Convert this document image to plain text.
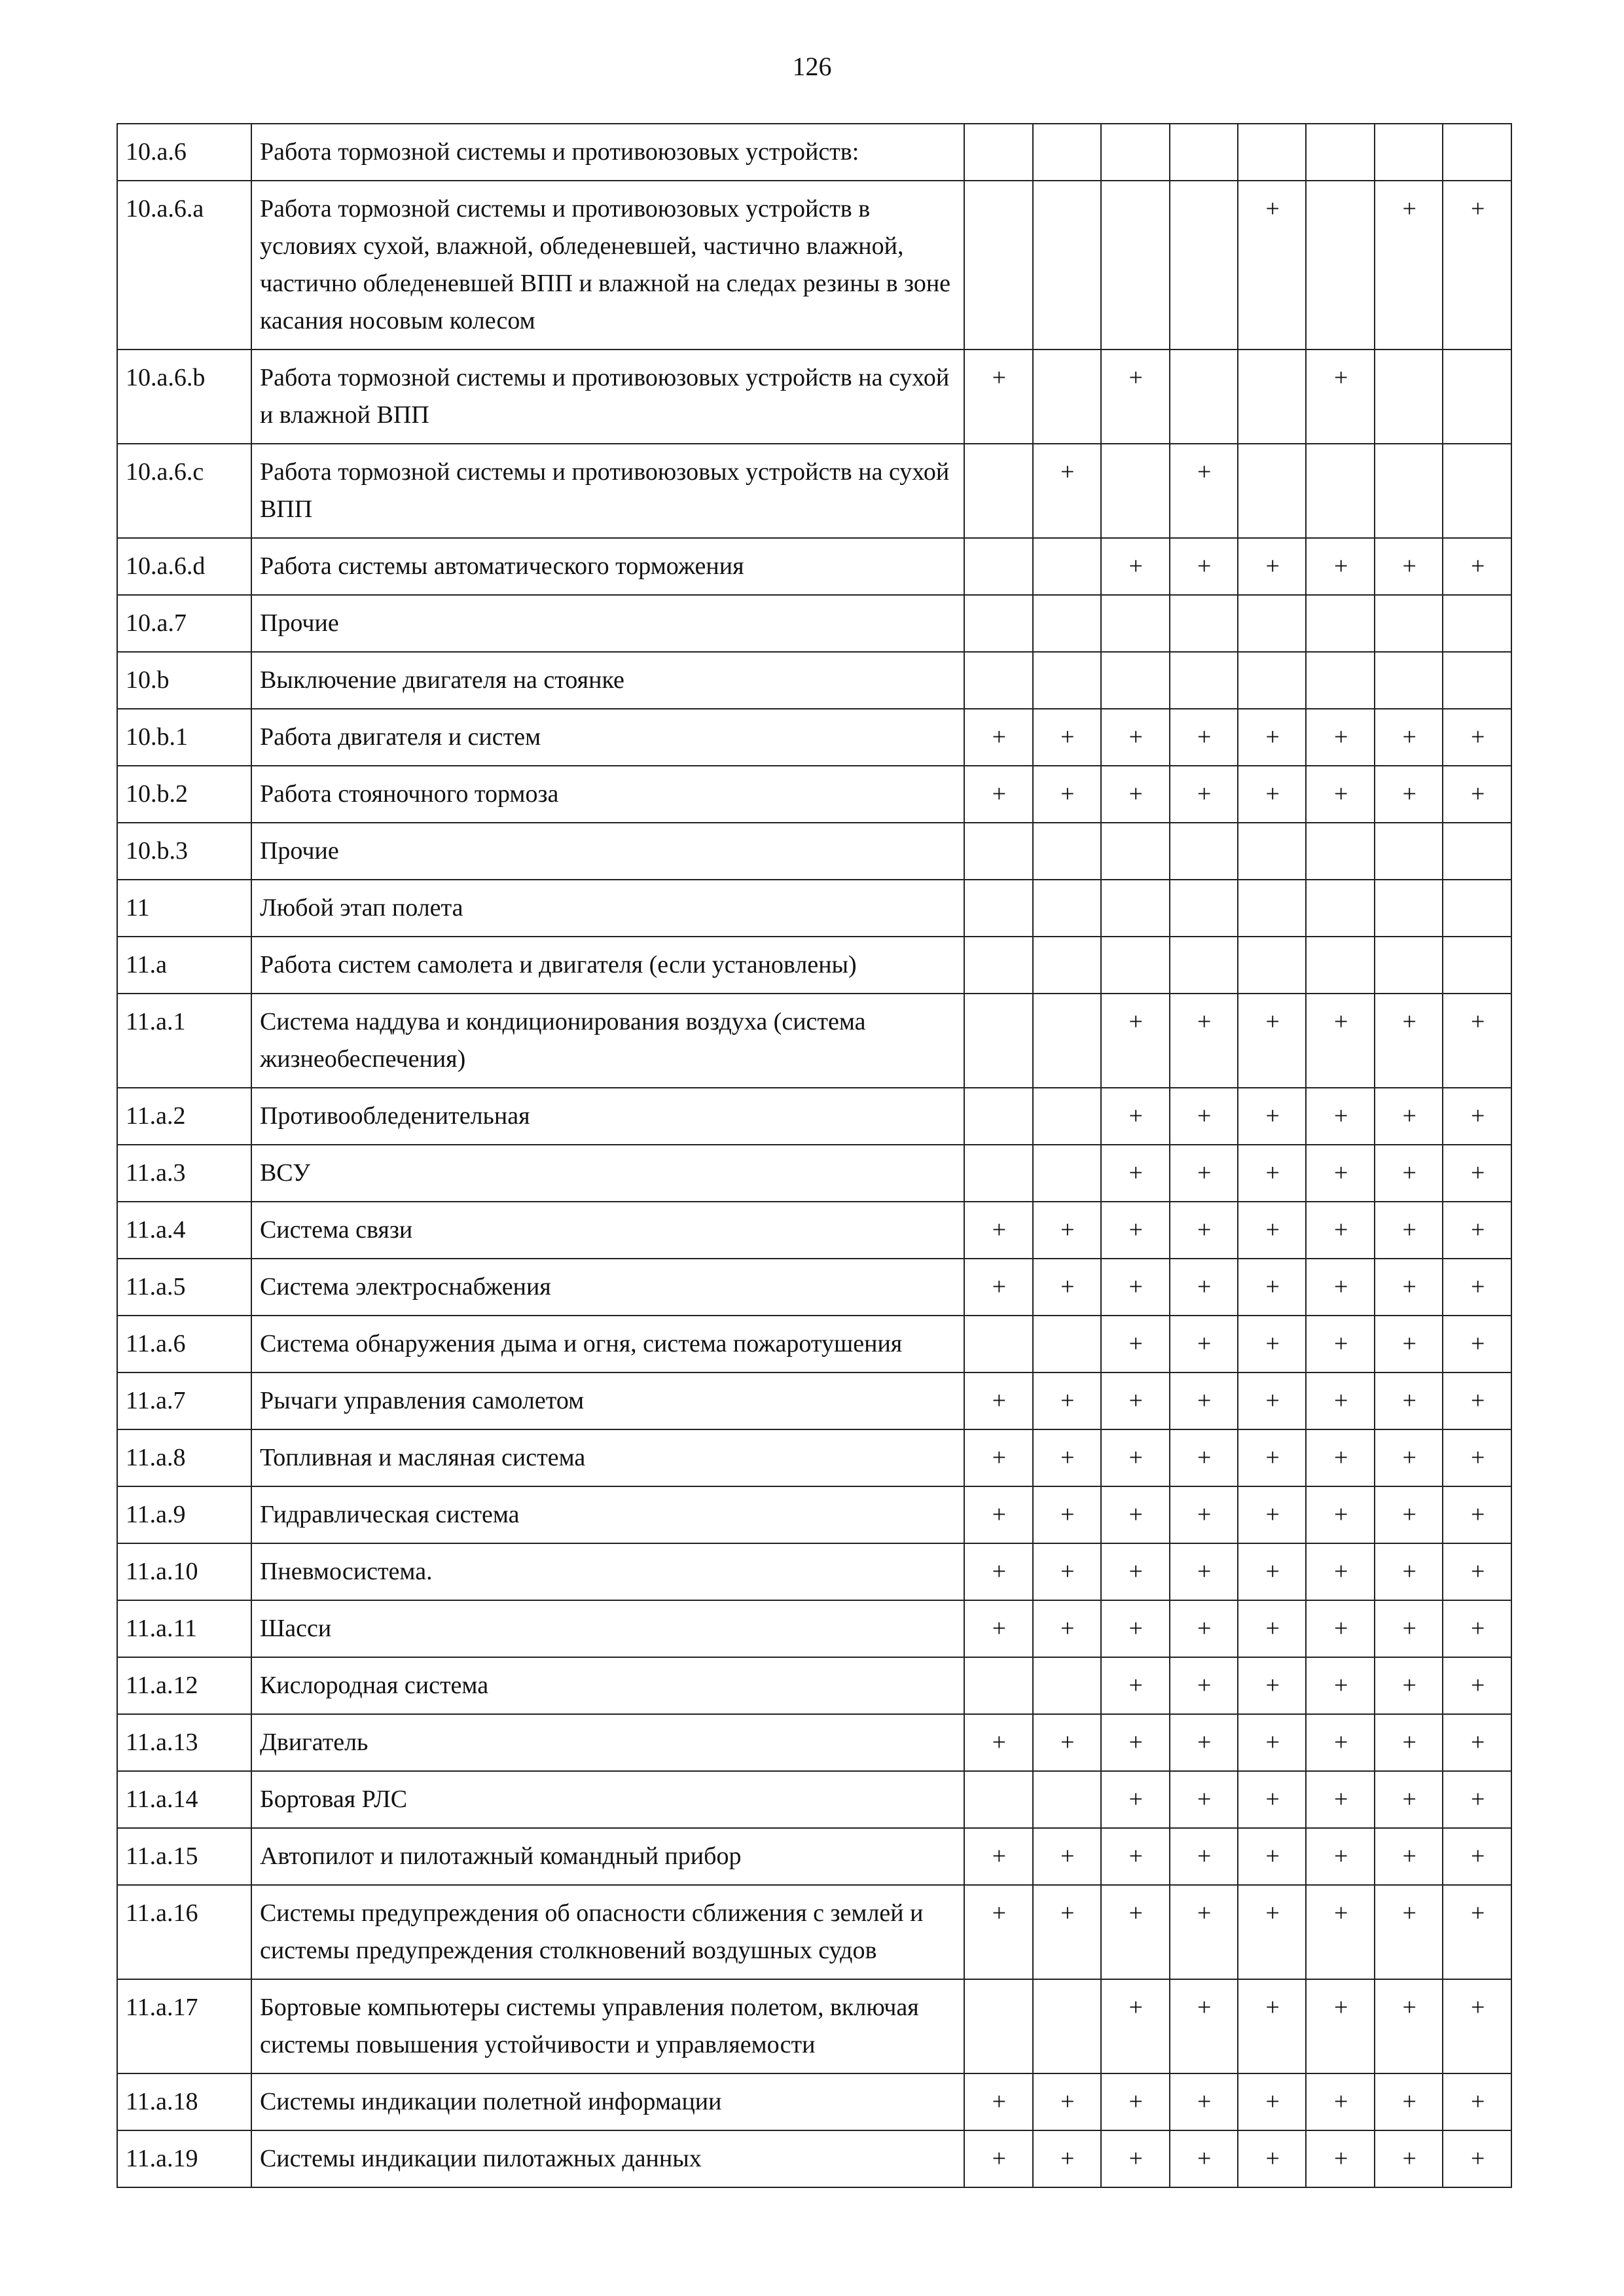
126
10.a.6	Работа тормозной системы и противоюзовых устройств:								
10.a.6.a	Работа тормозной системы и противоюзовых устройств в условиях сухой, влажной, обледеневшей, частично влажной, частично обледеневшей ВПП и влажной на следах резины в зоне касания носовым колесом					+		+	+
10.a.6.b	Работа тормозной системы и противоюзовых устройств на сухой и влажной ВПП	+		+			+		
10.a.6.c	Работа тормозной системы и противоюзовых устройств на сухой ВПП		+		+				
10.a.6.d	Работа системы автоматического торможения			+	+	+	+	+	+
10.a.7	Прочие								
10.b	Выключение двигателя на стоянке								
10.b.1	Работа двигателя и систем	+	+	+	+	+	+	+	+
10.b.2	Работа стояночного тормоза	+	+	+	+	+	+	+	+
10.b.3	Прочие								
11	Любой этап полета								
11.a	Работа систем самолета и двигателя (если установлены)								
11.a.1	Система наддува и кондиционирования воздуха (система жизнеобеспечения)			+	+	+	+	+	+
11.a.2	Противообледенительная			+	+	+	+	+	+
11.a.3	ВСУ			+	+	+	+	+	+
11.a.4	Система связи	+	+	+	+	+	+	+	+
11.a.5	Система электроснабжения	+	+	+	+	+	+	+	+
11.a.6	Система обнаружения дыма и огня, система пожаротушения			+	+	+	+	+	+
11.a.7	Рычаги управления самолетом	+	+	+	+	+	+	+	+
11.a.8	Топливная и масляная система	+	+	+	+	+	+	+	+
11.a.9	Гидравлическая система	+	+	+	+	+	+	+	+
11.a.10	Пневмосистема.	+	+	+	+	+	+	+	+
11.a.11	Шасси	+	+	+	+	+	+	+	+
11.a.12	Кислородная система			+	+	+	+	+	+
11.a.13	Двигатель	+	+	+	+	+	+	+	+
11.a.14	Бортовая РЛС			+	+	+	+	+	+
11.a.15	Автопилот и пилотажный командный прибор	+	+	+	+	+	+	+	+
11.a.16	Системы предупреждения об опасности сближения с землей и системы предупреждения столкновений воздушных судов	+	+	+	+	+	+	+	+
11.a.17	Бортовые компьютеры системы управления полетом, включая системы повышения устойчивости и управляемости			+	+	+	+	+	+
11.a.18	Системы индикации полетной информации	+	+	+	+	+	+	+	+
11.a.19	Системы индикации пилотажных данных	+	+	+	+	+	+	+	+
